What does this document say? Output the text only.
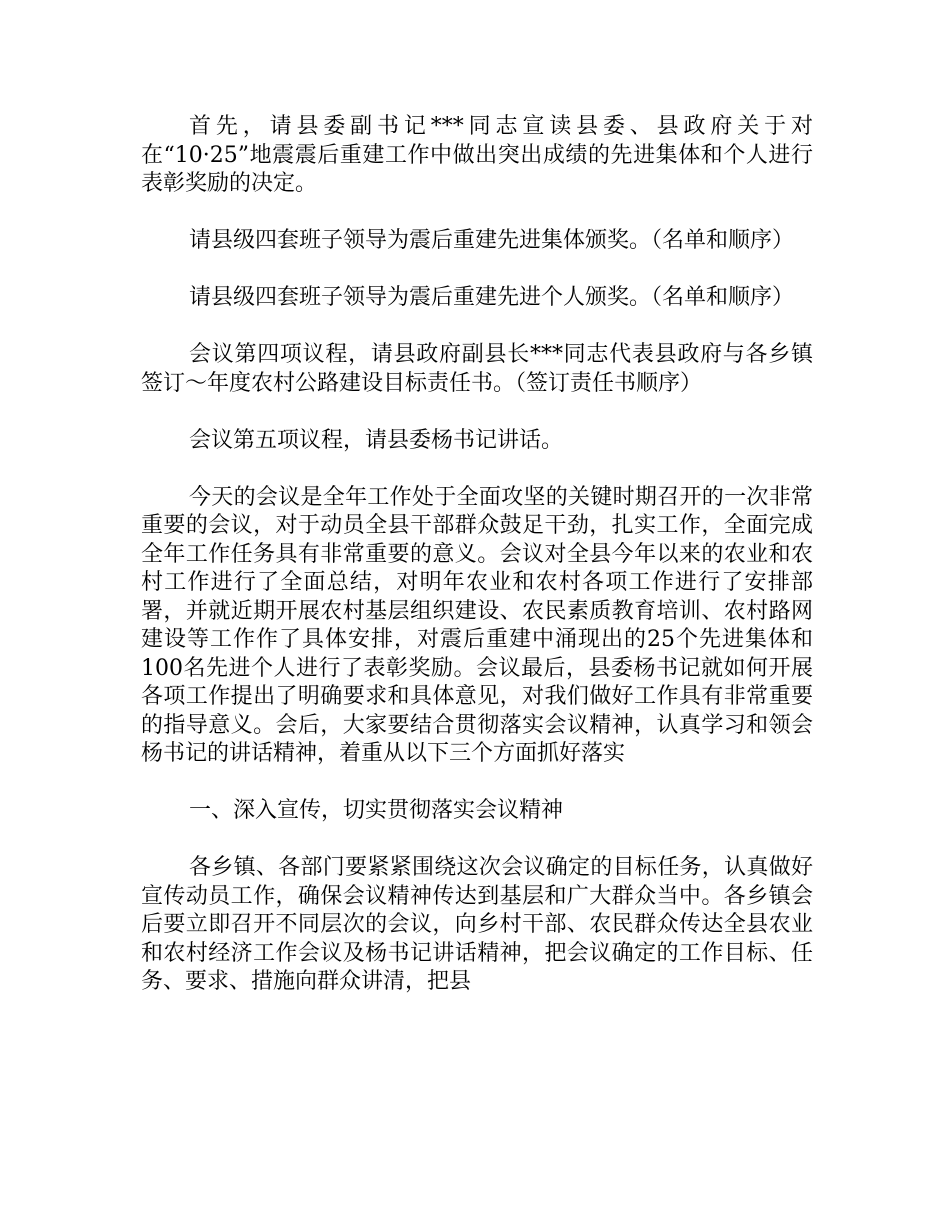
首先，请县委副书记***同志宣读县委、县政府关于对在“10·25”地震震后重建工作中做出突出成绩的先进集体和个人进行表彰奖励的决定。

请县级四套班子领导为震后重建先进集体颁奖。（名单和顺序）

请县级四套班子领导为震后重建先进个人颁奖。（名单和顺序）

会议第四项议程，请县政府副县长***同志代表县政府与各乡镇签订～年度农村公路建设目标责任书。（签订责任书顺序）

会议第五项议程，请县委杨书记讲话。

今天的会议是全年工作处于全面攻坚的关键时期召开的一次非常重要的会议，对于动员全县干部群众鼓足干劲，扎实工作，全面完成全年工作任务具有非常重要的意义。会议对全县今年以来的农业和农村工作进行了全面总结，对明年农业和农村各项工作进行了安排部署，并就近期开展农村基层组织建设、农民素质教育培训、农村路网建设等工作作了具体安排，对震后重建中涌现出的25个先进集体和100名先进个人进行了表彰奖励。会议最后，县委杨书记就如何开展各项工作提出了明确要求和具体意见，对我们做好工作具有非常重要的指导意义。会后，大家要结合贯彻落实会议精神，认真学习和领会杨书记的讲话精神，着重从以下三个方面抓好落实

一、深入宣传，切实贯彻落实会议精神

各乡镇、各部门要紧紧围绕这次会议确定的目标任务，认真做好宣传动员工作，确保会议精神传达到基层和广大群众当中。各乡镇会后要立即召开不同层次的会议，向乡村干部、农民群众传达全县农业和农村经济工作会议及杨书记讲话精神，把会议确定的工作目标、任务、要求、措施向群众讲清，把县
